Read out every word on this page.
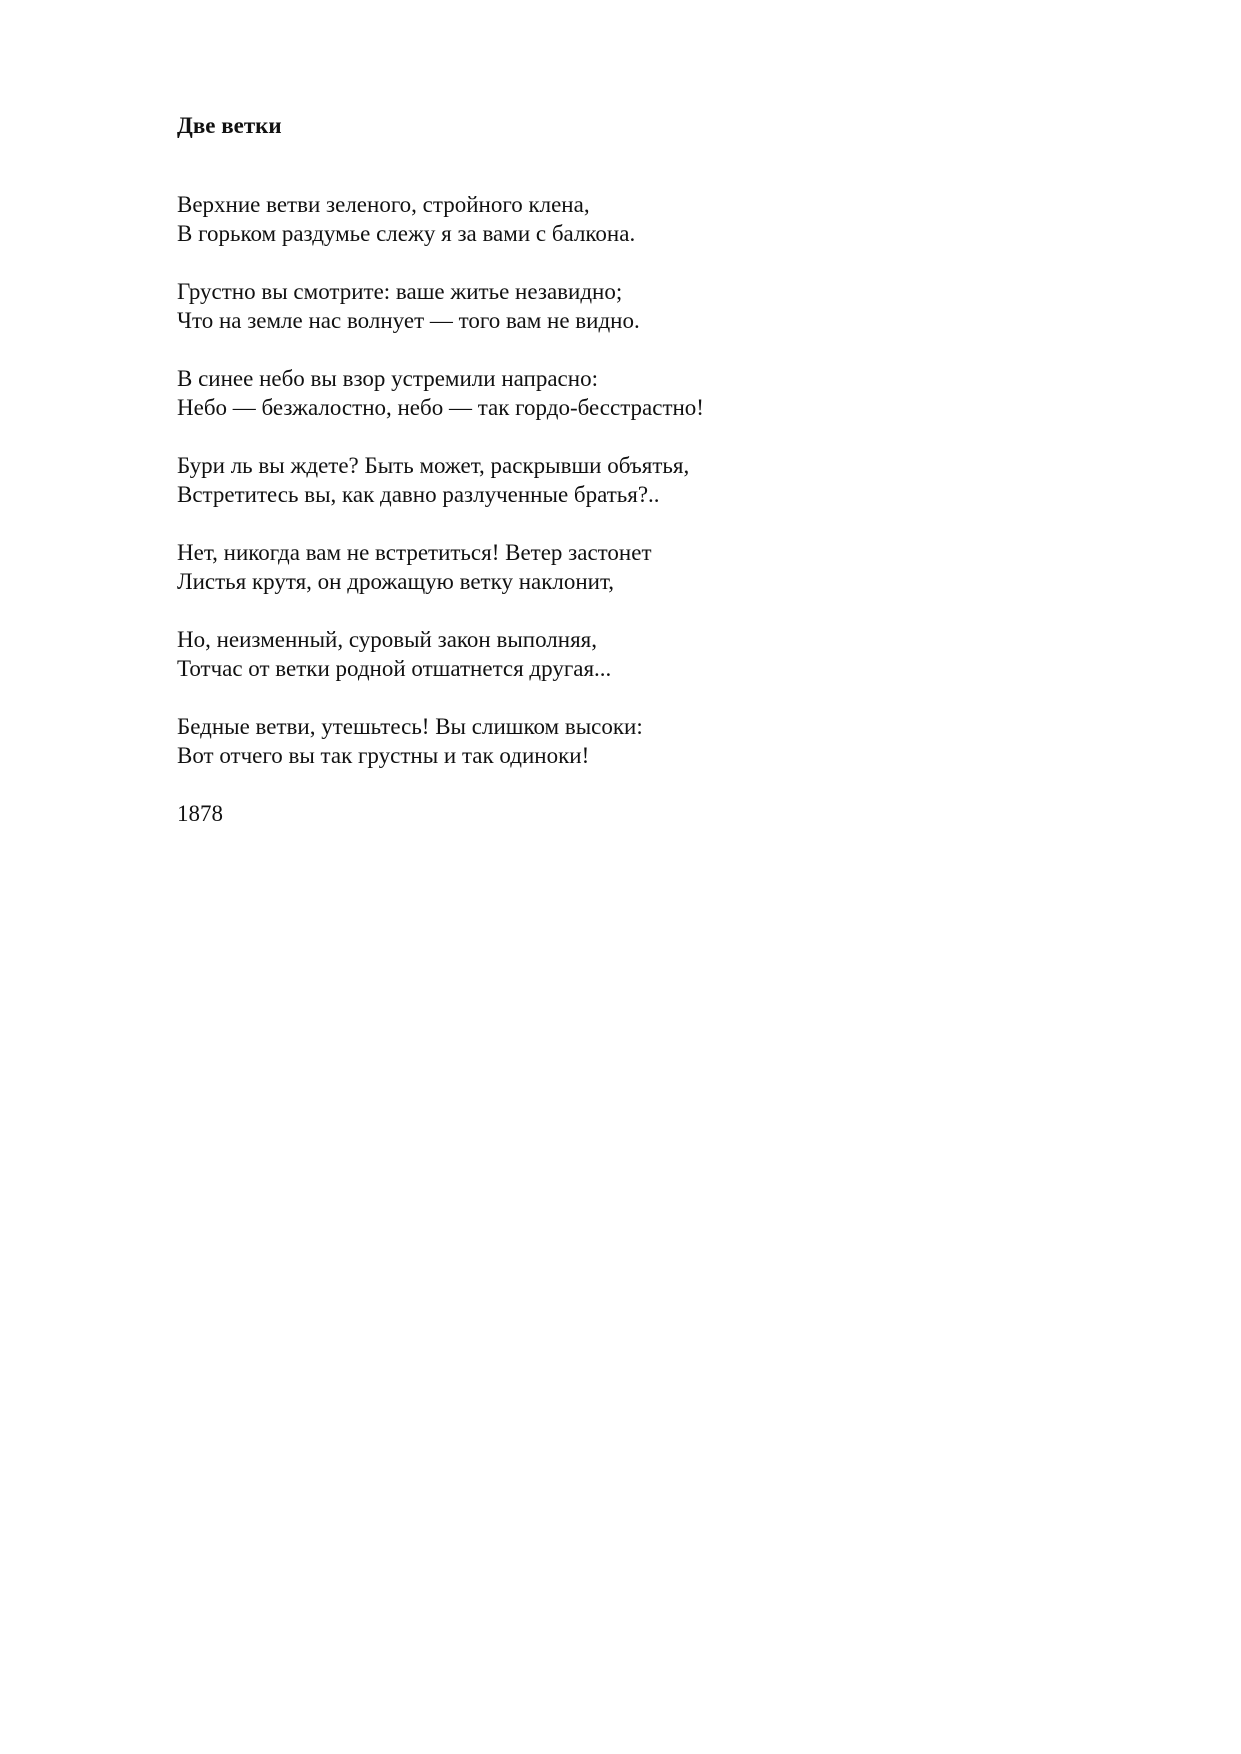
Две ветки
Верхние ветви зеленого, стройного клена,
В горьком раздумье слежу я за вами с балкона.
Грустно вы смотрите: ваше житье незавидно;
Что на земле нас волнует — того вам не видно.
В синее небо вы взор устремили напрасно:
Небо — безжалостно, небо — так гордо-бесстрастно!
Бури ль вы ждете? Быть может, раскрывши объятья,
Встретитесь вы, как давно разлученные братья?..
Нет, никогда вам не встретиться! Ветер застонет
Листья крутя, он дрожащую ветку наклонит,
Но, неизменный, суровый закон выполняя,
Тотчас от ветки родной отшатнется другая...
Бедные ветви, утешьтесь! Вы слишком высоки:
Вот отчего вы так грустны и так одиноки!
1878
